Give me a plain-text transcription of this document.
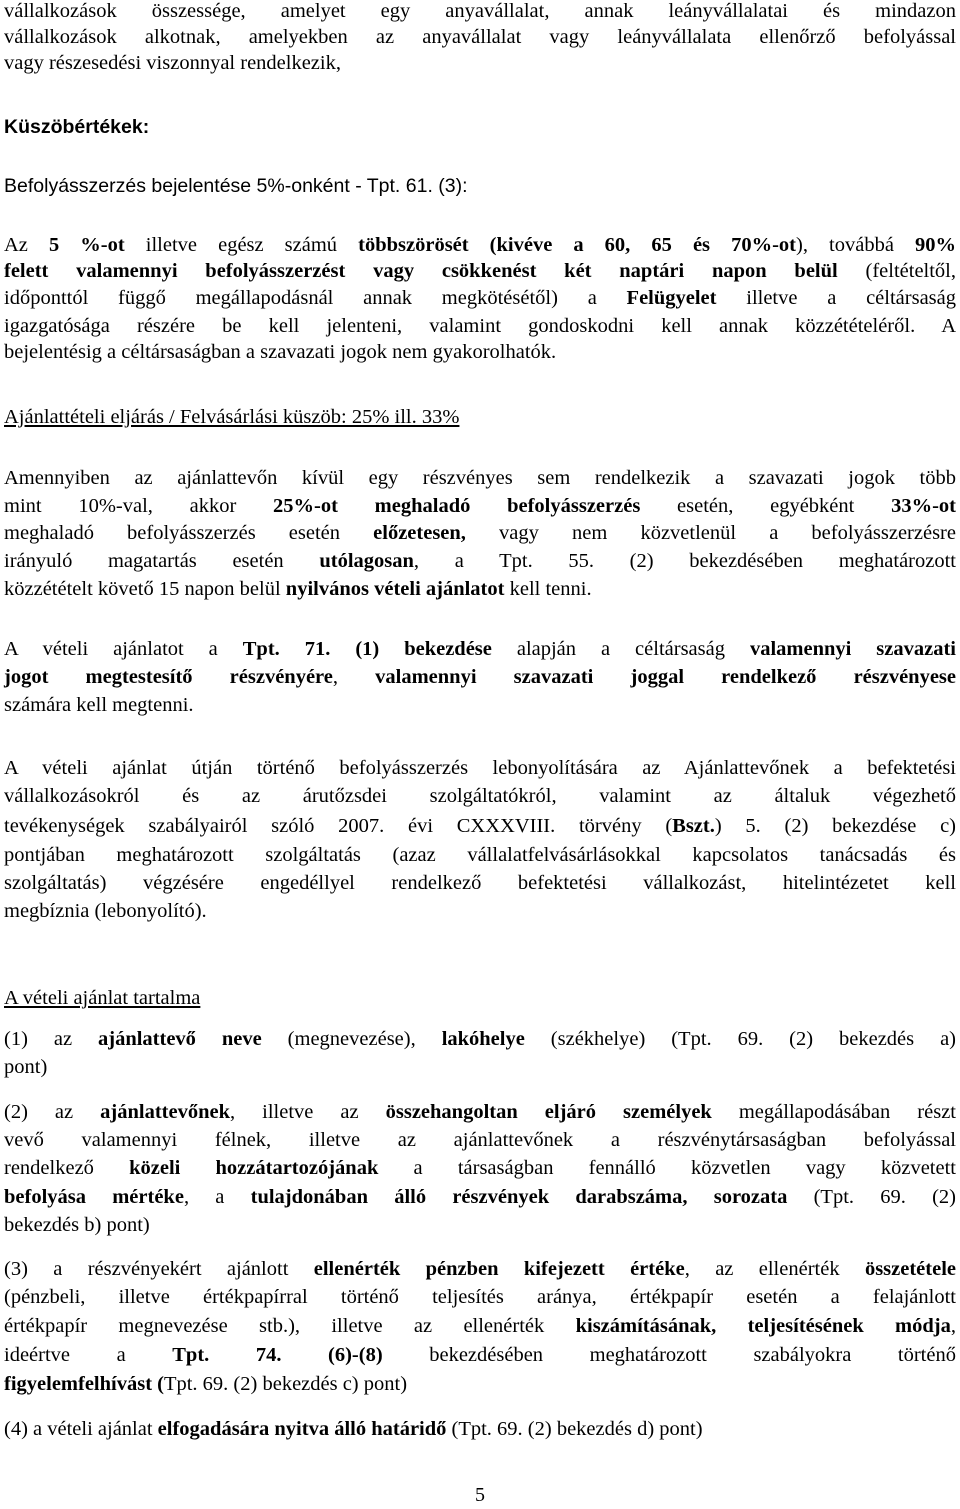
vállalkozások összessége, amelyet egy anyavállalat, annak leányvállalatai és mindazon
vállalkozások alkotnak, amelyekben az anyavállalat vagy leányvállalata ellenőrző befolyással
vagy részesedési viszonnyal rendelkezik,
Küszöbértékek:
Befolyásszerzés bejelentése 5%-onként - Tpt. 61. (3):
Az 5 %-ot illetve egész számú többszörösét (kivéve a 60, 65 és 70%-ot), továbbá 90%
felett valamennyi befolyásszerzést vagy csökkenést két naptári napon belül (feltételtől,
időponttól függő megállapodásnál annak megkötésétől) a Felügyelet illetve a céltársaság
igazgatósága részére be kell jelenteni, valamint gondoskodni kell annak közzétételéről. A
bejelentésig a céltársaságban a szavazati jogok nem gyakorolhatók.
Ajánlattételi eljárás / Felvásárlási küszöb: 25% ill. 33%
Amennyiben az ajánlattevőn kívül egy részvényes sem rendelkezik a szavazati jogok több
mint 10%-val, akkor 25%-ot meghaladó befolyásszerzés esetén, egyébként 33%-ot
meghaladó befolyásszerzés esetén előzetesen, vagy nem közvetlenül a befolyásszerzésre
irányuló magatartás esetén utólagosan, a Tpt. 55. (2) bekezdésében meghatározott
közzétételt követő 15 napon belül nyilvános vételi ajánlatot kell tenni.
A vételi ajánlatot a Tpt. 71. (1) bekezdése alapján a céltársaság valamennyi szavazati
jogot megtestesítő részvényére, valamennyi szavazati joggal rendelkező részvényese
számára kell megtenni.
A vételi ajánlat útján történő befolyásszerzés lebonyolítására az Ajánlattevőnek a befektetési
vállalkozásokról és az árutőzsdei szolgáltatókról, valamint az általuk végezhető
tevékenységek szabályairól szóló 2007. évi CXXXVIII. törvény (Bszt.) 5. (2) bekezdése c)
pontjában meghatározott szolgáltatás (azaz vállalatfelvásárlásokkal kapcsolatos tanácsadás és
szolgáltatás) végzésére engedéllyel rendelkező befektetési vállalkozást, hitelintézetet kell
megbíznia (lebonyolító).
A vételi ajánlat tartalma
(1) az ajánlattevő neve (megnevezése), lakóhelye (székhelye) (Tpt. 69. (2) bekezdés a)
pont)
(2) az ajánlattevőnek, illetve az összehangoltan eljáró személyek megállapodásában részt
vevő valamennyi félnek, illetve az ajánlattevőnek a részvénytársaságban befolyással
rendelkező közeli hozzátartozójának a társaságban fennálló közvetlen vagy közvetett
befolyása mértéke, a tulajdonában álló részvények darabszáma, sorozata (Tpt. 69. (2)
bekezdés b) pont)
(3) a részvényekért ajánlott ellenérték pénzben kifejezett értéke, az ellenérték összetétele
(pénzbeli, illetve értékpapírral történő teljesítés aránya, értékpapír esetén a felajánlott
értékpapír megnevezése stb.), illetve az ellenérték kiszámításának, teljesítésének módja,
ideértve a Tpt. 74. (6)-(8) bekezdésében meghatározott szabályokra történő
figyelemfelhívást (Tpt. 69. (2) bekezdés c) pont)
(4) a vételi ajánlat elfogadására nyitva álló határidő (Tpt. 69. (2) bekezdés d) pont)
5
